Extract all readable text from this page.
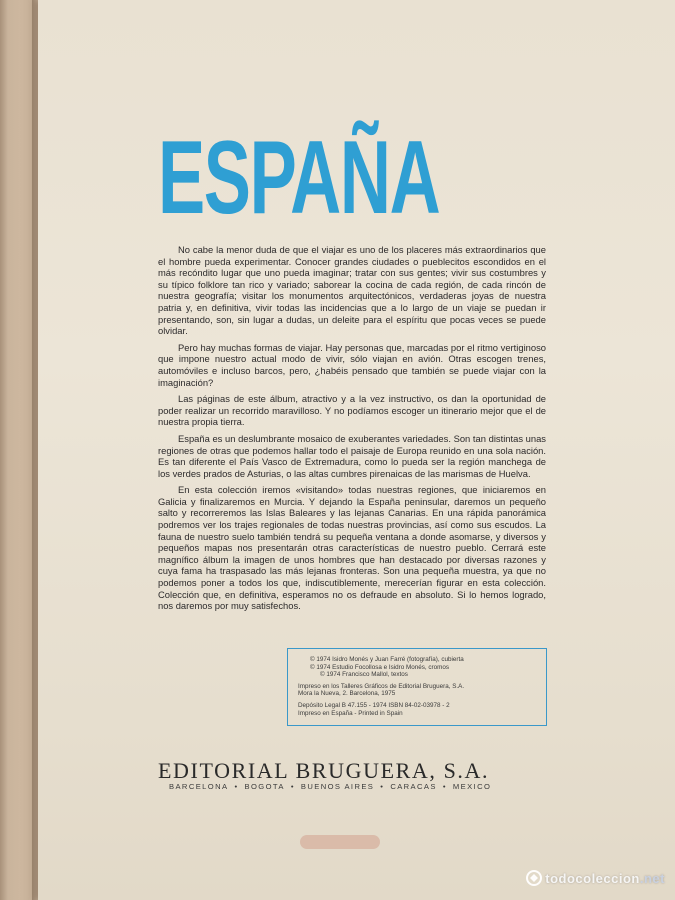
ESPAÑA

No cabe la menor duda de que el viajar es uno de los placeres más extraordinarios que el hombre pueda experimentar. Conocer grandes ciudades o pueblecitos escondidos en el más recóndito lugar que uno pueda imaginar; tratar con sus gentes; vivir sus costumbres y su típico folklore tan rico y variado; saborear la cocina de cada región, de cada rincón de nuestra geografía; visitar los monumentos arquitectónicos, verdaderas joyas de nuestra patria y, en definitiva, vivir todas las incidencias que a lo largo de un viaje se puedan ir presentando, son, sin lugar a dudas, un deleite para el espíritu que pocas veces se puede olvidar.

Pero hay muchas formas de viajar. Hay personas que, marcadas por el ritmo vertiginoso que impone nuestro actual modo de vivir, sólo viajan en avión. Otras escogen trenes, automóviles e incluso barcos, pero, ¿habéis pensado que también se puede viajar con la imaginación?

Las páginas de este álbum, atractivo y a la vez instructivo, os dan la oportunidad de poder realizar un recorrido maravilloso. Y no podíamos escoger un itinerario mejor que el de nuestra propia tierra.

España es un deslumbrante mosaico de exuberantes variedades. Son tan distintas unas regiones de otras que podemos hallar todo el paisaje de Europa reunido en una sola nación. Es tan diferente el País Vasco de Extremadura, como lo pueda ser la región manchega de los verdes prados de Asturias, o las altas cumbres pirenaicas de las marismas de Huelva.

En esta colección iremos «visitando» todas nuestras regiones, que iniciaremos en Galicia y finalizaremos en Murcia. Y dejando la España peninsular, daremos un pequeño salto y recorreremos las Islas Baleares y las lejanas Canarias. En una rápida panorámica podremos ver los trajes regionales de todas nuestras provincias, así como sus escudos. La fauna de nuestro suelo también tendrá su pequeña ventana a donde asomarse, y diversos y pequeños mapas nos presentarán otras características de nuestro pueblo. Cerrará este magnífico álbum la imagen de unos hombres que han destacado por diversas razones y cuya fama ha traspasado las más lejanas fronteras. Son una pequeña muestra, ya que no podemos poner a todos los que, indiscutiblemente, merecerían figurar en esta colección. Colección que, en definitiva, esperamos no os defraude en absoluto. Si lo hemos logrado, nos daremos por muy satisfechos.

© 1974 Isidro Monés y Juan Farré (fotografía), cubierta
© 1974 Estudio Focollosa e Isidro Monés, cromos
© 1974 Francisco Mallol, textos
Impreso en los Talleres Gráficos de Editorial Bruguera, S.A.
Mora la Nueva, 2. Barcelona, 1975
Depósito Legal B 47.155 - 1974 ISBN 84-02-03978 - 2
Impreso en España - Printed in Spain
EDITORIAL BRUGUERA, S.A.
BARCELONA • BOGOTA • BUENOS AIRES • CARACAS • MEXICO
todocoleccion.net
